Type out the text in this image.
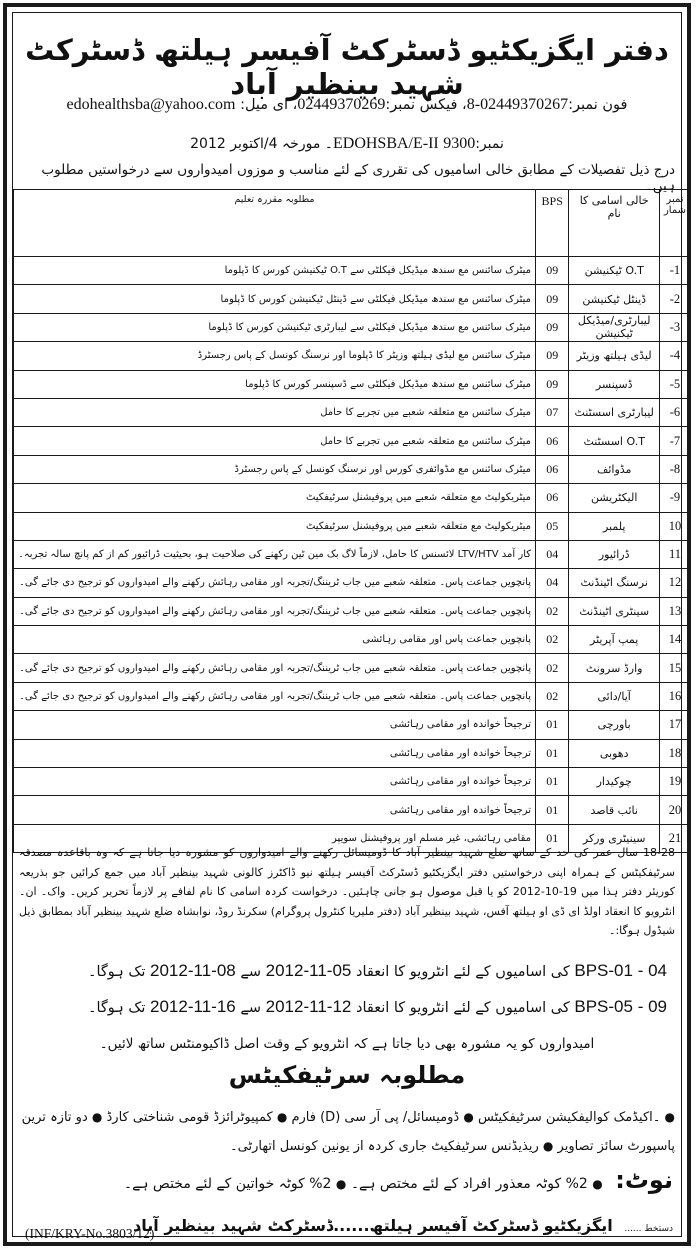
دفتر ایگزیکٹیو ڈسٹرکٹ آفیسر ہیلتھ ڈسٹرکٹ شہید بینظیر آباد
فون نمبر:02449370267-8، فیکس نمبر:02449370269، ای میل: edohealthsba@yahoo.com
نمبر:9300 EDOHSBA/E-II۔ مورخہ 4/اکتوبر 2012
درج ذیل تفصیلات کے مطابق خالی اسامیوں کی تقرری کے لئے مناسب و موزوں امیدواروں سے درخواستیں مطلوب ہیں۔
نمبر شمار	خالی اسامی کا نام	BPS	مطلوبہ مقررہ تعلیم
-1	O.T ٹیکنیشن	09	میٹرک سائنس مع سندھ میڈیکل فیکلٹی سے O.T ٹیکنیشن کورس کا ڈپلوما
-2	ڈینٹل ٹیکنیشن	09	میٹرک سائنس مع سندھ میڈیکل فیکلٹی سے ڈینٹل ٹیکنیشن کورس کا ڈپلوما
-3	لیبارٹری/میڈیکل ٹیکنیشن	09	میٹرک سائنس مع سندھ میڈیکل فیکلٹی سے لیبارٹری ٹیکنیشن کورس کا ڈپلوما
-4	لیڈی ہیلتھ وزیٹر	09	میٹرک سائنس مع لیڈی ہیلتھ وزیٹر کا ڈپلوما اور نرسنگ کونسل کے پاس رجسٹرڈ
-5	ڈسپنسر	09	میٹرک سائنس مع سندھ میڈیکل فیکلٹی سے ڈسپنسر کورس کا ڈپلوما
-6	لیبارٹری اسسٹنٹ	07	میٹرک سائنس مع متعلقہ شعبے میں تجربے کا حامل
-7	O.T اسسٹنٹ	06	میٹرک سائنس مع متعلقہ شعبے میں تجربے کا حامل
-8	مڈوائف	06	میٹرک سائنس مع مڈوائفری کورس اور نرسنگ کونسل کے پاس رجسٹرڈ
-9	الیکٹریشن	06	میٹریکولیٹ مع متعلقہ شعبے میں پروفیشنل سرٹیفکیٹ
10	پلمبر	05	میٹریکولیٹ مع متعلقہ شعبے میں پروفیشنل سرٹیفکیٹ
11	ڈرائیور	04	کار آمد LTV/HTV لائسنس کا حامل، لازماً لاگ بک مین ٹین رکھنے کی صلاحیت ہو، بحیثیت ڈرائیور کم از کم پانچ سالہ تجربہ۔
12	نرسنگ اٹینڈنٹ	04	پانچویں جماعت پاس۔ متعلقہ شعبے میں جاب ٹریننگ/تجربہ اور مقامی رہائش رکھنے والے امیدواروں کو ترجیح دی جائے گی۔
13	سینٹری اٹینڈنٹ	02	پانچویں جماعت پاس۔ متعلقہ شعبے میں جاب ٹریننگ/تجربہ اور مقامی رہائش رکھنے والے امیدواروں کو ترجیح دی جائے گی۔
14	پمپ آپریٹر	02	پانچویں جماعت پاس اور مقامی رہائشی
15	وارڈ سرونٹ	02	پانچویں جماعت پاس۔ متعلقہ شعبے میں جاب ٹریننگ/تجربہ اور مقامی رہائش رکھنے والے امیدواروں کو ترجیح دی جائے گی۔
16	آیا/دائی	02	پانچویں جماعت پاس۔ متعلقہ شعبے میں جاب ٹریننگ/تجربہ اور مقامی رہائش رکھنے والے امیدواروں کو ترجیح دی جائے گی۔
17	باورچی	01	ترجیحاً خواندہ اور مقامی رہائشی
18	دھوبی	01	ترجیحاً خواندہ اور مقامی رہائشی
19	چوکیدار	01	ترجیحاً خواندہ اور مقامی رہائشی
20	نائب قاصد	01	ترجیحاً خواندہ اور مقامی رہائشی
21	سینیٹری ورکر	01	مقامی رہائشی، غیر مسلم اور پروفیشنل سویپر
18-28 سال عمر کی حد کے ساتھ ضلع شہید بینظیر آباد کا ڈومیسائل رکھنے والے امیدواروں کو مشورہ دیا جاتا ہے کہ وہ باقاعدہ مصدقہ سرٹیفکیٹس کے ہمراہ اپنی درخواستیں دفتر ایگزیکٹیو ڈسٹرکٹ آفیسر ہیلتھ نیو ڈاکٹرز کالونی شہید بینظیر آباد میں جمع کرائیں جو بذریعہ کوریئر دفتر ہذا میں 19-10-2012 کو یا قبل موصول ہو جانی چاہئیں۔ درخواست کردہ اسامی کا نام لفافے پر لازماً تحریر کریں۔ واک۔ ان۔ انٹرویو کا انعقاد اولڈ ای ڈی او ہیلتھ آفس، شہید بینظیر آباد (دفتر ملیریا کنٹرول پروگرام) سکرنڈ روڈ، نوابشاہ ضلع شہید بینظیر آباد بمطابق ذیل شیڈول ہوگا:۔
BPS-01 - 04 کی اسامیوں کے لئے انٹرویو کا انعقاد 05-11-2012 سے 08-11-2012 تک ہوگا۔
BPS-05 - 09 کی اسامیوں کے لئے انٹرویو کا انعقاد 12-11-2012 سے 16-11-2012 تک ہوگا۔
امیدواروں کو یہ مشورہ بھی دیا جاتا ہے کہ انٹرویو کے وقت اصل ڈاکیومنٹس ساتھ لائیں۔
مطلوبہ سرٹیفکیٹس
● ۔اکیڈمک کوالیفکیشن سرٹیفکیٹس ● ڈومیسائل/ پی آر سی (D) فارم ● کمپیوٹرائزڈ قومی شناختی کارڈ ● دو تازہ ترین پاسپورٹ سائز تصاویر ● ریذیڈنس سرٹیفکیٹ جاری کردہ از یونین کونسل اتھارٹی۔
نوٹ: ● 2% کوٹہ معذور افراد کے لئے مختص ہے۔ ● 2% کوٹہ خواتین کے لئے مختص ہے۔
دستخط ...... ایگزیکٹیو ڈسٹرکٹ آفیسر ہیلتھ......ڈسٹرکٹ شہید بینظیر آباد
(INF/KRY-No.3803/12)
